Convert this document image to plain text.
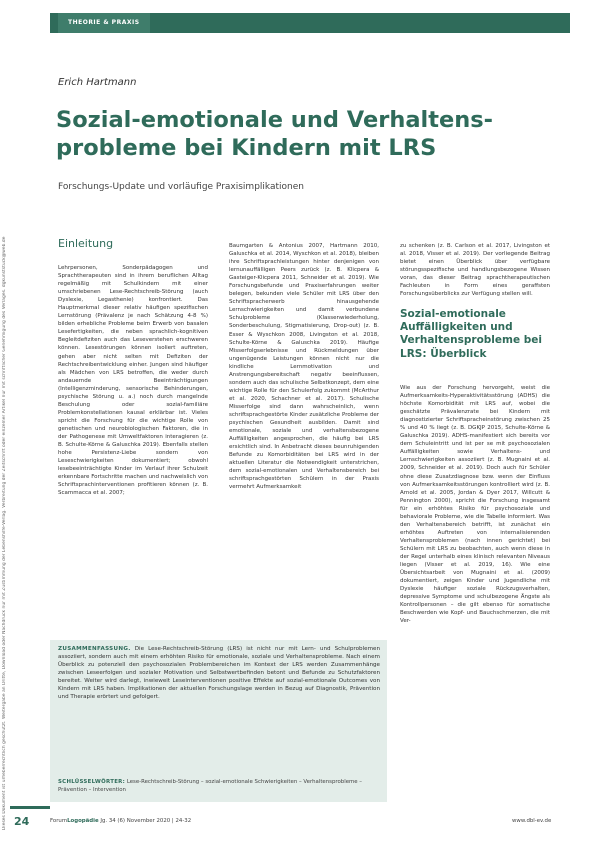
THEORIE & PRAXIS
Dieses Dokument ist urheberrechtlich geschützt. Weitergabe an Dritte, Download oder Nachdruck nur mit Zustimmung der Lebenshilfe-Verlag. Verbreitung der Zeitschrift oder einzelner Artikel nur mit schriftlicher Genehmigung des Verlages. dgkunststück@web.de
Erich Hartmann
Sozial-emotionale und Verhaltens-probleme bei Kindern mit LRS
Forschungs-Update und vorläufige Praxisimplikationen
Einleitung

Lehrpersonen, Sonderpädagogen und Sprachtherapeuten sind in ihrem beruflichen Alltag regelmäßig mit Schulkindern mit einer umschriebenen Lese-Rechtschreib-Störung (auch Dyslexie, Legasthenie) konfrontiert. Das Hauptmerkmal dieser relativ häufigen spezifischen Lernstörung (Prävalenz je nach Schätzung 4-8 %) bilden erhebliche Probleme beim Erwerb von basalen Lesefertigkeiten, die neben sprachlich-kognitiven Begleitdefiziten auch das Leseverstehen erschweren können. Lesestörungen können isoliert auftreten, gehen aber nicht selten mit Defiziten der Rechtschreibentwicklung einher. Jungen sind häufiger als Mädchen von LRS betroffen, die weder durch andauernde Beeinträchtigungen (Intelligenzminderung, sensorische Behinderungen, psychische Störung u. a.) noch durch mangelnde Beschulung oder sozial-familiäre Problemkonstellationen kausal erklärbar ist. Vieles spricht die Forschung für die wichtige Rolle von genetischen und neurobiologischen Faktoren, die in der Pathogenese mit Umweltfaktoren interagieren (z. B. Schulte-Körne & Galuschka 2019). Ebenfalls stellen hohe Persistenz-Liebe sondern von Leseschwierigkeiten dokumentiert; obwohl lesebeeinträchtigte Kinder im Verlauf ihrer Schulzeit erkennbare Fortschritte machen und nachweislich von Schriftsprachinterventionen profitieren können (z. B. Scammacca et al. 2007;

Baumgarten & Antonius 2007, Hartmann 2010, Galuschka et al. 2014, Wyschkon et al. 2018), bleiben ihre Schriftsprachleistungen hinter denjenigen von lernunauffälligen Peers zurück (z. B. Klicpera & Gasteiger-Klicpera 2011, Schneider et al. 2019). Wie Forschungsbefunde und Praxiserfahrungen weiter belegen, bekunden viele Schüler mit LRS über den Schriftspracherwerb hinausgehende Lernschwierigkeiten und damit verbundene Schulprobleme (Klassenwiederholung, Sonderbeschulung, Stigmatisierung, Drop-out) (z. B. Esser & Wyschkon 2008, Livingston et al. 2018, Schulte-Körne & Galuschka 2019). Häufige Misserfolgserlebnisse und Rückmeldungen über ungenügende Leistungen können nicht nur die kindliche Lernmotivation und Anstrengungsbereitschaft negativ beeinflussen, sondern auch das schulische Selbstkonzept, dem eine wichtige Rolle für den Schulerfolg zukommt (McArthur et al. 2020, Schachner et al. 2017). Schulische Misserfolge sind dann wahrscheinlich, wenn schriftsprachgestörte Kinder zusätzliche Probleme der psychischen Gesundheit ausbilden. Damit sind emotionale, soziale und verhaltensbezogene Auffälligkeiten angesprochen, die häufig bei LRS ersichtlich sind. In Anbetracht dieses beunruhigenden Befunde zu Komorbiditäten bei LRS wird in der aktuellen Literatur die Notwendigkeit unterstrichen, dem sozial-emotionalen und Verhaltensbereich bei schriftsprachgestörten Schülern in der Praxis vermehrt Aufmerksamkeit

zu schenken (z. B. Carlson et al. 2017, Livingston et al. 2018, Visser et al. 2019). Der vorliegende Beitrag bietet einen Überblick über verfügbare störungsspezifische und handlungsbezogene Wissen voran, das dieser Beitrag sprachtherapeutischen Fachleuten in Form eines geraffsten Forschungsüberblicks zur Verfügung stellen will.

Sozial-emotionale Auffälligkeiten und Verhaltensprobleme bei LRS: Überblick

Wie aus der Forschung hervorgeht, weist die Aufmerksamkeits-Hyperaktivitätsstörung (ADHS) die höchste Komorbidität mit LRS auf, wobei die geschätzte Prävalenzrate bei Kindern mit diagnostizierter Schriftspracheinstörung zwischen 25 % und 40 % liegt (z. B. DGKJP 2015, Schulte-Körne & Galuschka 2019). ADHS-manifestiert sich bereits vor dem Schuleintritt und ist per se mit psychosozialen Auffälligkeiten sowie Verhaltens- und Lernschwierigkeiten assoziiert (z. B. Mugnaini et al. 2009, Schneider et al. 2019). Doch auch für Schüler ohne diese Zusatzdiagnose bzw. wenn der Einfluss von Aufmerksamkeitsstörungen kontrolliert wird (z. B. Arnold et al. 2005, Jordan & Dyer 2017, Willcutt & Pennington 2000), spricht die Forschung insgesamt für ein erhöhtes Risiko für psychosoziale und behaviorale Probleme, wie die Tabelle informiert. Was den Verhaltensbereich betrifft, ist zunächst ein erhöhtes Auftreten von internalisierenden Verhaltensproblemen (nach innen gerichtet) bei Schülern mit LRS zu beobachten, auch wenn diese in der Regel unterhalb eines klinisch relevanten Niveaus liegen (Visser et al. 2019, 16). Wie eine Übersichtsarbeit von Mugnaini et al. (2009) dokumentiert, zeigen Kinder und Jugendliche mit Dyslexie häufiger soziale Rückzugsverhalten, depressive Symptome und schulbezogene Ängste als Kontrollpersonen – die gilt ebenso für somatische Beschwerden wie Kopf- und Bauchschmerzen, die mit Ver-

ZUSAMMENFASSUNG. Die Lese-Rechtschreib-Störung (LRS) ist nicht nur mit Lern- und Schulproblemen assoziiert, sondern auch mit einem erhöhten Risiko für emotionale, soziale und Verhaltensprobleme. Nach einem Überblick zu potenziell den psychosozialen Problembereichen im Kontext der LRS werden Zusammenhänge zwischen Leseerfolgen und sozialer Motivation und Selbstwertbefinden betont und Befunde zu Schutzfaktoren bereitet. Weiter wird darlegt, inwieweit Leseinterventionen positive Effekte auf sozial-emotionale Outcomes von Kindern mit LRS haben. Implikationen der aktuellen Forschungslage werden in Bezug auf Diagnostik, Prävention und Therapie erörtert und gefolgert.
SCHLÜSSELWÖRTER: Lese-Rechtschreib-Störung – sozial-emotionale Schwierigkeiten – Verhaltensprobleme – Prävention – Intervention
24	ForumLogopädie Jg. 34 (6) November 2020 | 24-32	www.dbl-ev.de
